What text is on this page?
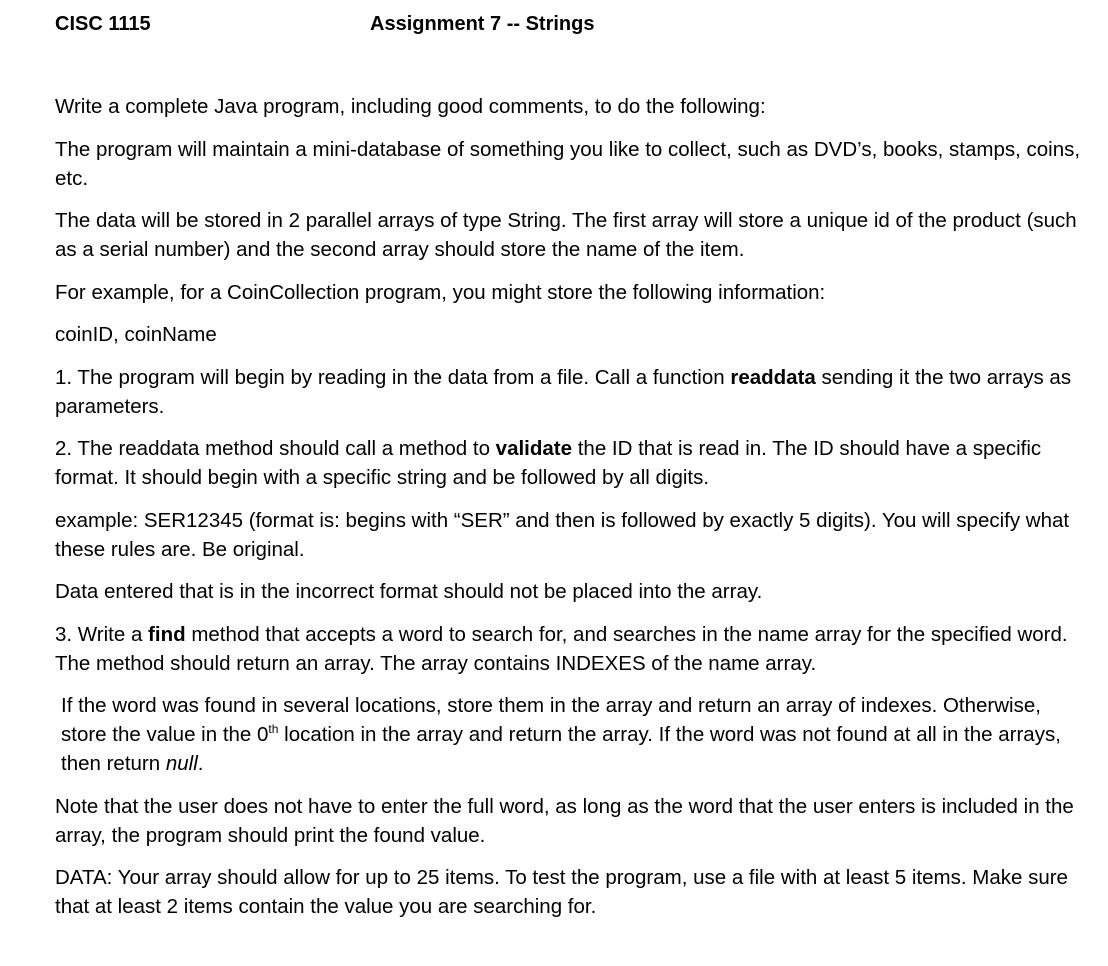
CISC 1115	Assignment 7 -- Strings

Write a complete Java program, including good comments, to do the following:

The program will maintain a mini-database of something you like to collect, such as DVD’s, books, stamps, coins, etc.

The data will be stored in 2 parallel arrays of type String. The first array will store a unique id of the product (such as a serial number) and the second array should store the name of the item.

For example, for a CoinCollection program, you might store the following information:

coinID, coinName

1. The program will begin by reading in the data from a file. Call a function readdata sending it the two arrays as parameters.

2. The readdata method should call a method to validate the ID that is read in. The ID should have a specific format. It should begin with a specific string and be followed by all digits.

example: SER12345 (format is: begins with “SER” and then is followed by exactly 5 digits). You will specify what these rules are. Be original.

Data entered that is in the incorrect format should not be placed into the array.

3. Write a find method that accepts a word to search for, and searches in the name array for the specified word. The method should return an array. The array contains INDEXES of the name array.

If the word was found in several locations, store them in the array and return an array of indexes. Otherwise, store the value in the 0th location in the array and return the array. If the word was not found at all in the arrays, then return null.

Note that the user does not have to enter the full word, as long as the word that the user enters is included in the array, the program should print the found value.

DATA: Your array should allow for up to 25 items. To test the program, use a file with at least 5 items. Make sure that at least 2 items contain the value you are searching for.
